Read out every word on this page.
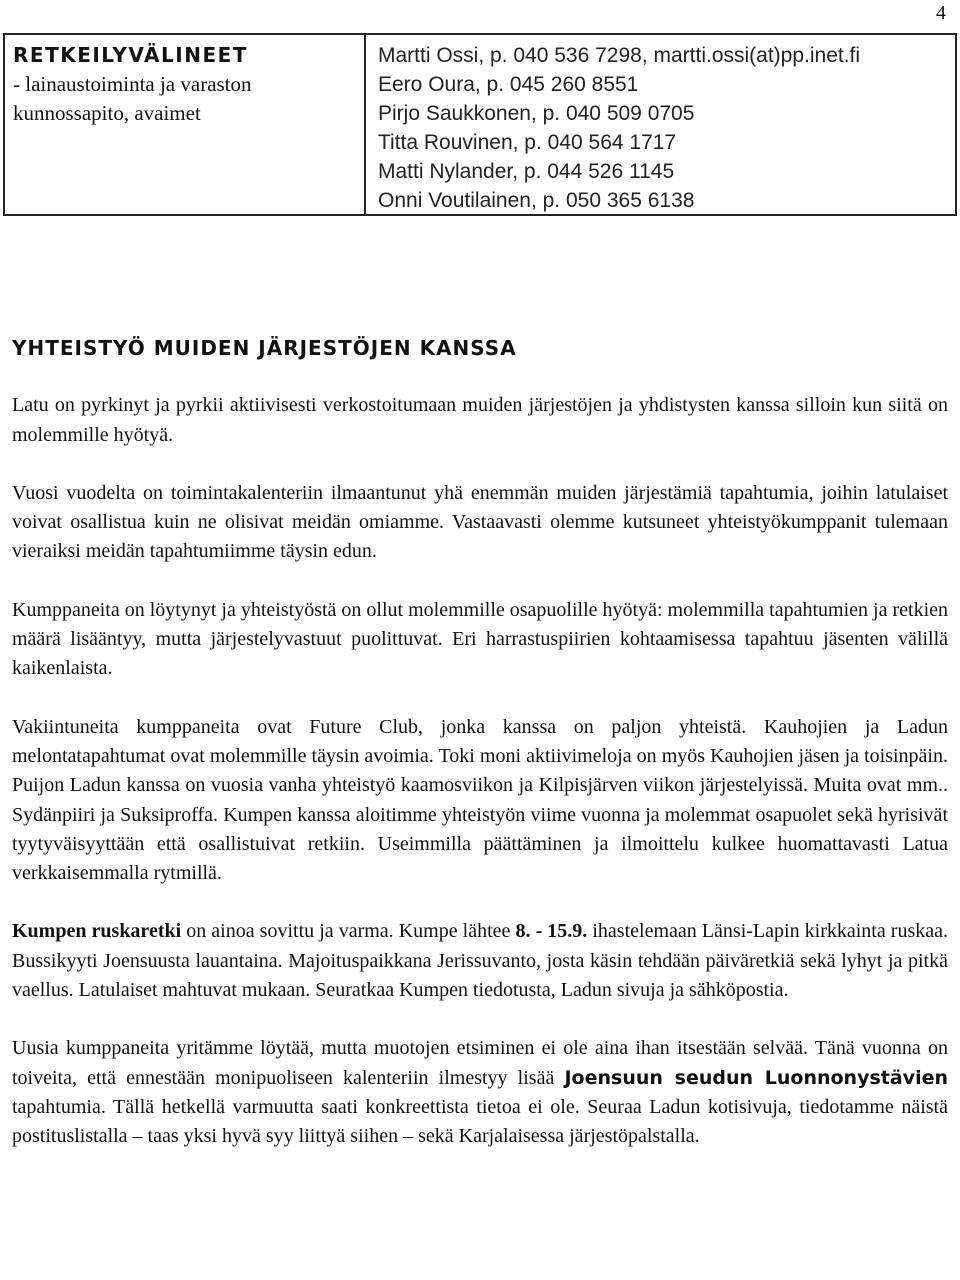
4
RETKEILYVÄLINEET
- lainaustoiminta ja varaston kunnossapito, avaimet
Martti Ossi, p. 040 536 7298, martti.ossi(at)pp.inet.fi
Eero Oura, p. 045 260 8551
Pirjo Saukkonen, p. 040 509 0705
Titta Rouvinen, p. 040 564 1717
Matti Nylander, p. 044 526 1145
Onni Voutilainen, p. 050 365 6138
YHTEISTYÖ MUIDEN JÄRJESTÖJEN KANSSA

Latu on pyrkinyt ja pyrkii aktiivisesti verkostoitumaan muiden järjestöjen ja yhdistysten kanssa silloin kun siitä on molemmille hyötyä.

Vuosi vuodelta on toimintakalenteriin ilmaantunut yhä enemmän muiden järjestämiä tapahtumia, joihin latulaiset voivat osallistua kuin ne olisivat meidän omiamme. Vastaavasti olemme kutsuneet yhteistyökumppanit tulemaan vieraiksi meidän tapahtumiimme täysin edun.

Kumppaneita on löytynyt ja yhteistyöstä on ollut molemmille osapuolille hyötyä: molemmilla tapahtumien ja retkien määrä lisääntyy, mutta järjestelyvastuut puolittuvat. Eri harrastuspiirien kohtaamisessa tapahtuu jäsenten välillä kaikenlaista.

Vakiintuneita kumppaneita ovat Future Club, jonka kanssa on paljon yhteistä. Kauhojien ja Ladun melontatapahtumat ovat molemmille täysin avoimia. Toki moni aktiivimeloja on myös Kauhojien jäsen ja toisinpäin. Puijon Ladun kanssa on vuosia vanha yhteistyö kaamosviikon ja Kilpisjärven viikon järjestelyissä. Muita ovat mm.. Sydänpiiri ja Suksiproffa. Kumpen kanssa aloitimme yhteistyön viime vuonna ja molemmat osapuolet sekä hyrisivät tyytyväisyyttään että osallistuivat retkiin. Useimmilla päättäminen ja ilmoittelu kulkee huomattavasti Latua verkkaisemmalla rytmillä.

Kumpen ruskaretki on ainoa sovittu ja varma. Kumpe lähtee 8. - 15.9. ihastelemaan Länsi-Lapin kirkkainta ruskaa. Bussikyyti Joensuusta lauantaina. Majoituspaikkana Jerissuvanto, josta käsin tehdään päiväretkiä sekä lyhyt ja pitkä vaellus. Latulaiset mahtuvat mukaan. Seuratkaa Kumpen tiedotusta, Ladun sivuja ja sähköpostia.

Uusia kumppaneita yritämme löytää, mutta muotojen etsiminen ei ole aina ihan itsestään selvää. Tänä vuonna on toiveita, että ennestään monipuoliseen kalenteriin ilmestyy lisää Joensuun seudun Luonnonystävien tapahtumia. Tällä hetkellä varmuutta saati konkreettista tietoa ei ole. Seuraa Ladun kotisivuja, tiedotamme näistä postituslistalla – taas yksi hyvä syy liittyä siihen – sekä Karjalaisessa järjestöpalstalla.
